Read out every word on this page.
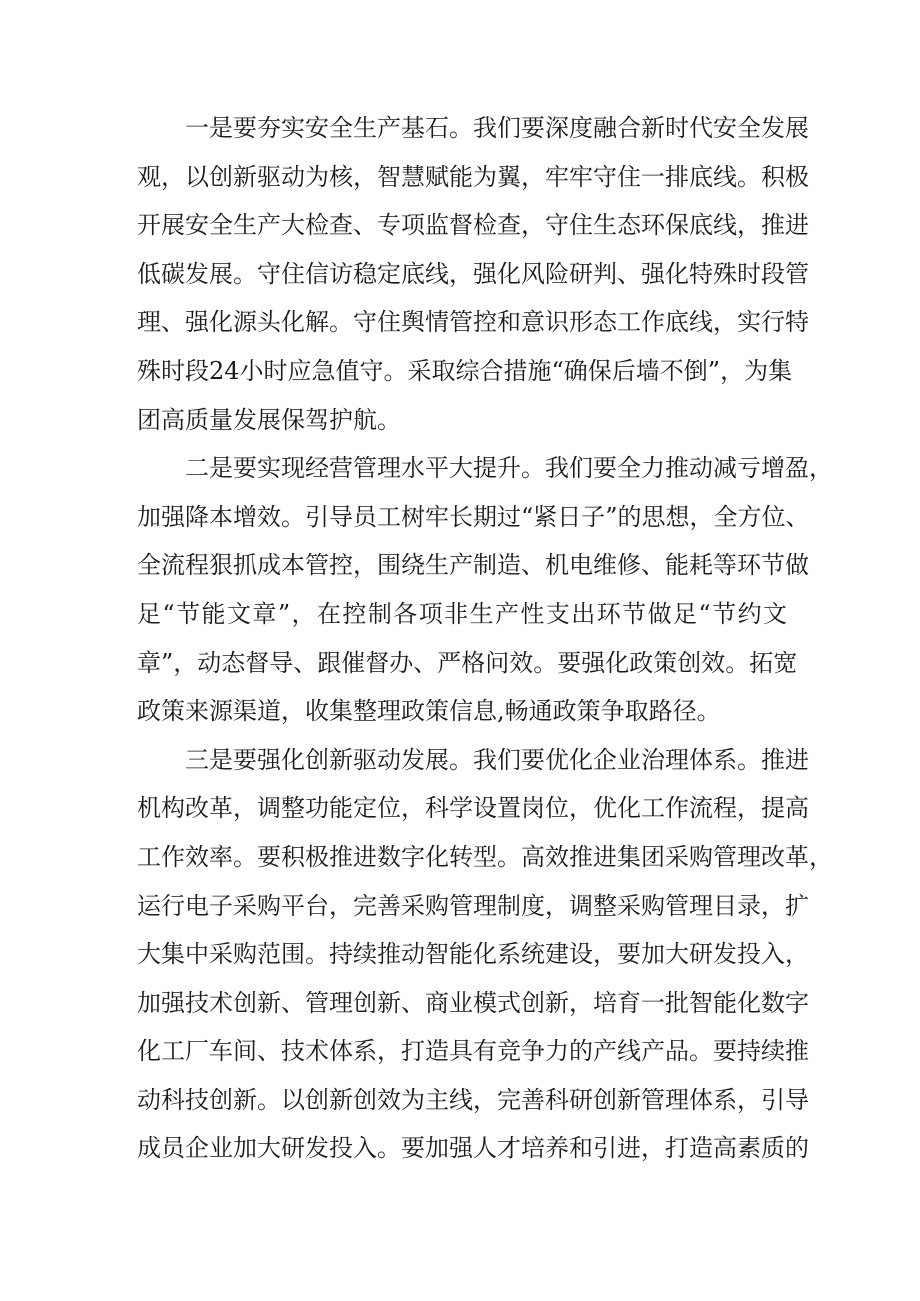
一是要夯实安全生产基石。我们要深度融合新时代安全发展
观，以创新驱动为核，智慧赋能为翼，牢牢守住一排底线。积极
开展安全生产大检查、专项监督检查，守住生态环保底线，推进
低碳发展。守住信访稳定底线，强化风险研判、强化特殊时段管
理、强化源头化解。守住舆情管控和意识形态工作底线，实行特
殊时段24小时应急值守。采取综合措施“确保后墙不倒”，为集
团高质量发展保驾护航。
二是要实现经营管理水平大提升。我们要全力推动减亏增盈，
加强降本增效。引导员工树牢长期过“紧日子”的思想，全方位、
全流程狠抓成本管控，围绕生产制造、机电维修、能耗等环节做
足“节能文章”，在控制各项非生产性支出环节做足“节约文
章”，动态督导、跟催督办、严格问效。要强化政策创效。拓宽
政策来源渠道，收集整理政策信息,畅通政策争取路径。
三是要强化创新驱动发展。我们要优化企业治理体系。推进
机构改革，调整功能定位，科学设置岗位，优化工作流程，提高
工作效率。要积极推进数字化转型。高效推进集团采购管理改革，
运行电子采购平台，完善采购管理制度，调整采购管理目录，扩
大集中采购范围。持续推动智能化系统建设，要加大研发投入，
加强技术创新、管理创新、商业模式创新，培育一批智能化数字
化工厂车间、技术体系，打造具有竞争力的产线产品。要持续推
动科技创新。以创新创效为主线，完善科研创新管理体系，引导
成员企业加大研发投入。要加强人才培养和引进，打造高素质的
